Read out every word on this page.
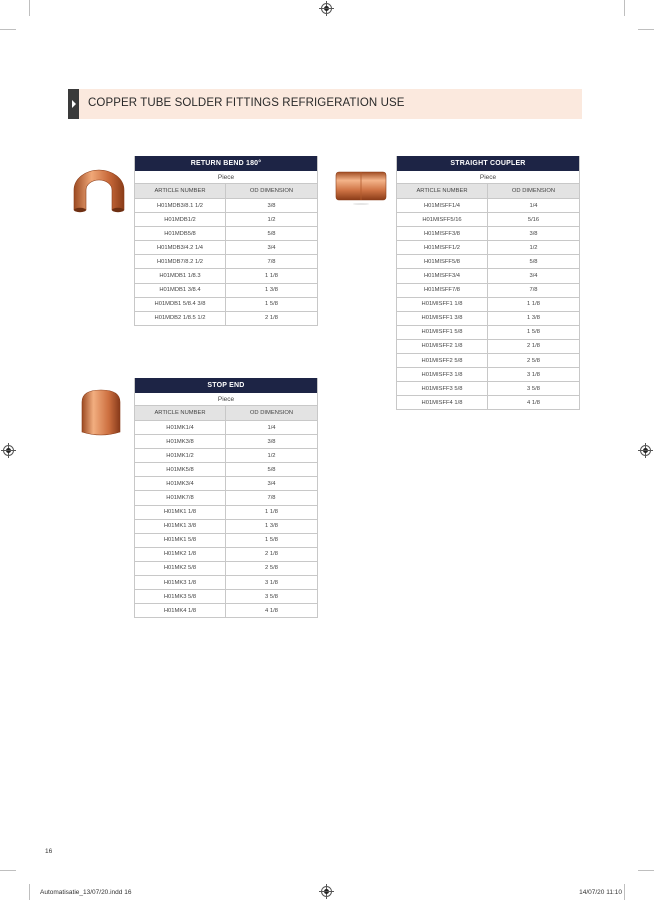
COPPER TUBE SOLDER FITTINGS REFRIGERATION USE
RETURN BEND 180°
Piece
ARTICLE NUMBER	OD DIMENSION
H01MDB3/8.1 1/2	3/8
H01MDB1/2	1/2
H01MDB5/8	5/8
H01MDB3/4.2 1/4	3/4
H01MDB7/8.2 1/2	7/8
H01MDB1 1/8.3	1 1/8
H01MDB1 3/8.4	1 3/8
H01MDB1 5/8.4 3/8	1 5/8
H01MDB2 1/8.5 1/2	2 1/8
STRAIGHT COUPLER
Piece
ARTICLE NUMBER	OD DIMENSION
H01MISFF1/4	1/4
H01MISFF5/16	5/16
H01MISFF3/8	3/8
H01MISFF1/2	1/2
H01MISFF5/8	5/8
H01MISFF3/4	3/4
H01MISFF7/8	7/8
H01MISFF1 1/8	1 1/8
H01MISFF1 3/8	1 3/8
H01MISFF1 5/8	1 5/8
H01MISFF2 1/8	2 1/8
H01MISFF2 5/8	2 5/8
H01MISFF3 1/8	3 1/8
H01MISFF3 5/8	3 5/8
H01MISFF4 1/8	4 1/8
STOP END
Piece
ARTICLE NUMBER	OD DIMENSION
H01MK1/4	1/4
H01MK3/8	3/8
H01MK1/2	1/2
H01MK5/8	5/8
H01MK3/4	3/4
H01MK7/8	7/8
H01MK1 1/8	1 1/8
H01MK1 3/8	1 3/8
H01MK1 5/8	1 5/8
H01MK2 1/8	2 1/8
H01MK2 5/8	2 5/8
H01MK3 1/8	3 1/8
H01MK3 5/8	3 5/8
H01MK4 1/8	4 1/8
16
Automatisatie_13/07/20.indd 16	14/07/20 11:10
